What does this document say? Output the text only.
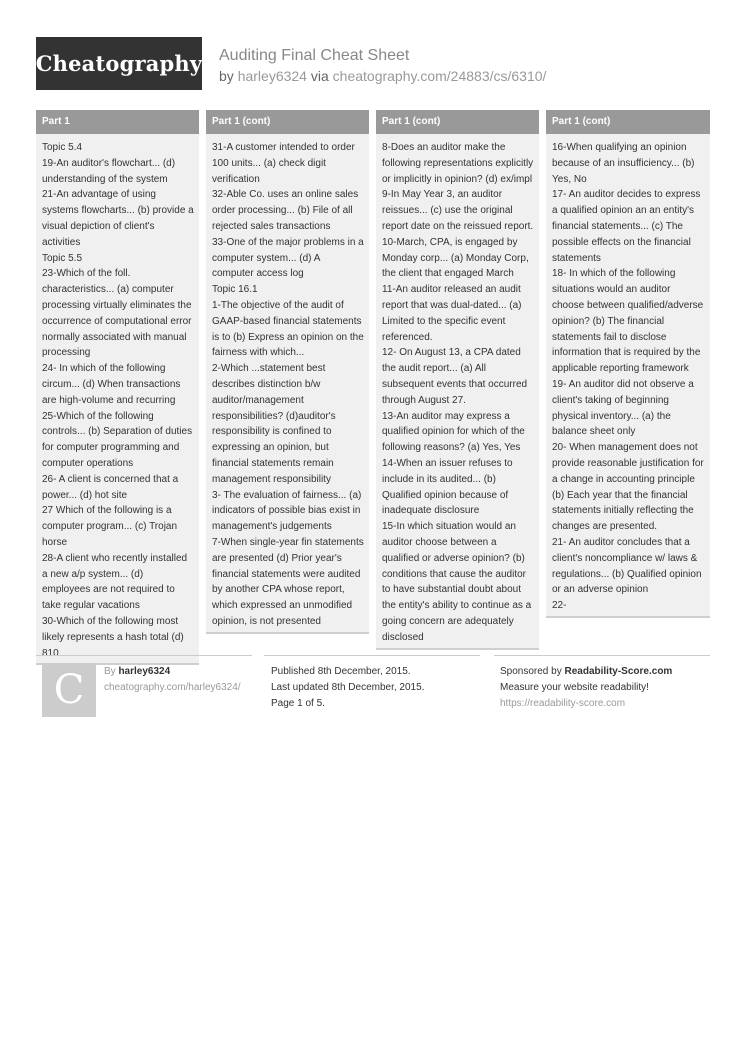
Cheatography Auditing Final Cheat Sheet
by harley6324 via cheatography.com/24883/cs/6310/
Part 1

Topic 5.4

19-An auditor's flowchart... (d) understanding of the system

21-An advantage of using systems flowcharts... (b) provide a visual depiction of client's activities

Topic 5.5

23-Which of the foll. characteristics... (a) computer processing virtually eliminates the occurrence of computational error normally associated with manual processing

24- In which of the following circum... (d) When transactions are high-volume and recurring

25-Which of the following controls... (b) Separation of duties for computer programming and computer operations

26- A client is concerned that a power... (d) hot site

27 Which of the following is a computer program... (c) Trojan horse

28-A client who recently installed a new a/p system... (d) employees are not required to take regular vacations

30-Which of the following most likely represents a hash total (d) 810

Part 1 (cont)

31-A customer intended to order 100 units... (a) check digit verification

32-Able Co. uses an online sales order processing... (b) File of all rejected sales transactions

33-One of the major problems in a computer system... (d) A computer access log

Topic 16.1

1-The objective of the audit of GAAP-based financial statements is to (b) Express an opinion on the fairness with which...

2-Which ...statement best describes distinction b/w auditor/management responsibilities? (d)auditor's responsibility is confined to expressing an opinion, but financial statements remain management responsibility

3- The evaluation of fairness... (a) indicators of possible bias exist in management's judgements

7-When single-year fin statements are presented (d) Prior year's financial statements were audited by another CPA whose report, which expressed an unmodified opinion, is not presented

Part 1 (cont)

8-Does an auditor make the following representations explicitly or implicitly in opinion? (d) ex/impl

9-In May Year 3, an auditor reissues... (c) use the original report date on the reissued report.

10-March, CPA, is engaged by Monday corp... (a) Monday Corp, the client that engaged March

11-An auditor released an audit report that was dual-dated... (a) Limited to the specific event referenced.

12- On August 13, a CPA dated the audit report... (a) All subsequent events that occurred through August 27.

13-An auditor may express a qualified opinion for which of the following reasons? (a) Yes, Yes

14-When an issuer refuses to include in its audited... (b) Qualified opinion because of inadequate disclosure

15-In which situation would an auditor choose between a qualified or adverse opinion? (b) conditions that cause the auditor to have substantial doubt about the entity's ability to continue as a going concern are adequately disclosed

Part 1 (cont)

16-When qualifying an opinion because of an insufficiency... (b) Yes, No

17- An auditor decides to express a qualified opinion an an entity's financial statements... (c) The possible effects on the financial statements

18- In which of the following situations would an auditor choose between qualified/adverse opinion? (b) The financial statements fail to disclose information that is required by the applicable reporting framework

19- An auditor did not observe a client's taking of beginning physical inventory... (a) the balance sheet only

20- When management does not provide reasonable justification for a change in accounting principle (b) Each year that the financial statements initially reflecting the changes are presented.

21- An auditor concludes that a client's noncompliance w/ laws & regulations... (b) Qualified opinion or an adverse opinion

22-

C	By harley6324
cheatography.com/harley6324/
Published 8th December, 2015.
Last updated 8th December, 2015.
Page 1 of 5.
Sponsored by Readability-Score.com
Measure your website readability!
https://readability-score.com
